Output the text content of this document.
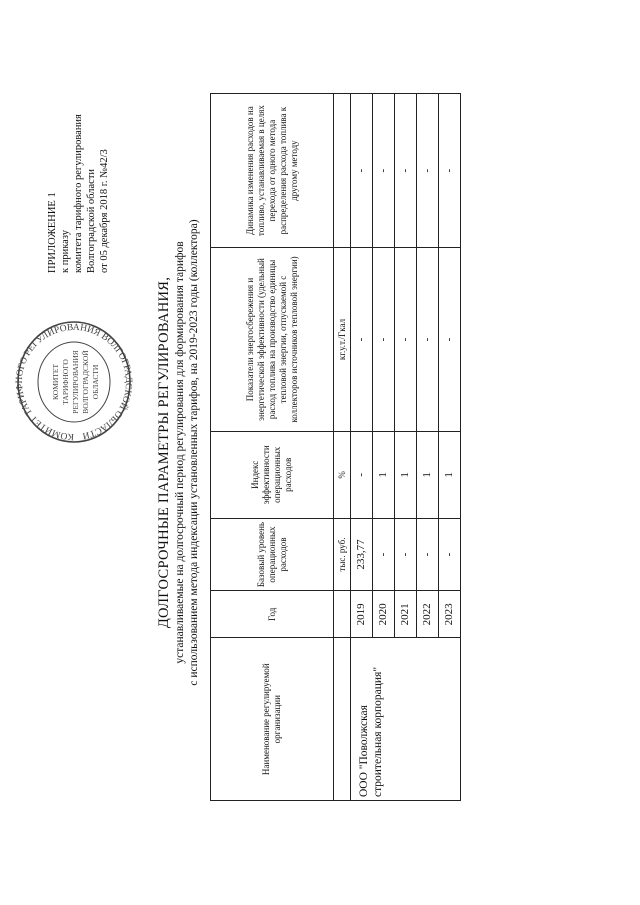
КОМИТЕТ ТАРИФНОГО РЕГУЛИРОВАНИЯ ВОЛГОГРАДСКОЙ ОБЛАСТИ
КОМИТЕТ ТАРИФНОГО РЕГУЛИРОВАНИЯ ВОЛГОГРАДСКОЙ ОБЛАСТИ
ПРИЛОЖЕНИЕ 1 к приказу комитета тарифного регулирования Волгоградской области от 05 декабря 2018 г. №42/3
ДОЛГОСРОЧНЫЕ ПАРАМЕТРЫ РЕГУЛИРОВАНИЯ, устанавливаемые на долгосрочный период регулирования для формирования тарифов с использованием метода индексации установленных тарифов, на 2019-2023 годы (коллектора)
Наименование регулируемой организации	Год	Базовый уровень операционных расходов	Индекс эффективности операционных расходов	Показатели энергосбережения и энергетической эффективности (удельный расход топлива на производство единицы тепловой энергии, отпускаемой с коллекторов источников тепловой энергии)	Динамика изменения расходов на топливо, устанавливаемая в целях перехода от одного метода распределения расхода топлива к другому методу
		тыс. руб.	%	кг.у.т./Гкал	
ООО "Поволжская строительная корпорация"	2019	233,77	-	-	-
	2020	-	1	-	-
	2021	-	1	-	-
	2022	-	1	-	-
	2023	-	1	-	-
